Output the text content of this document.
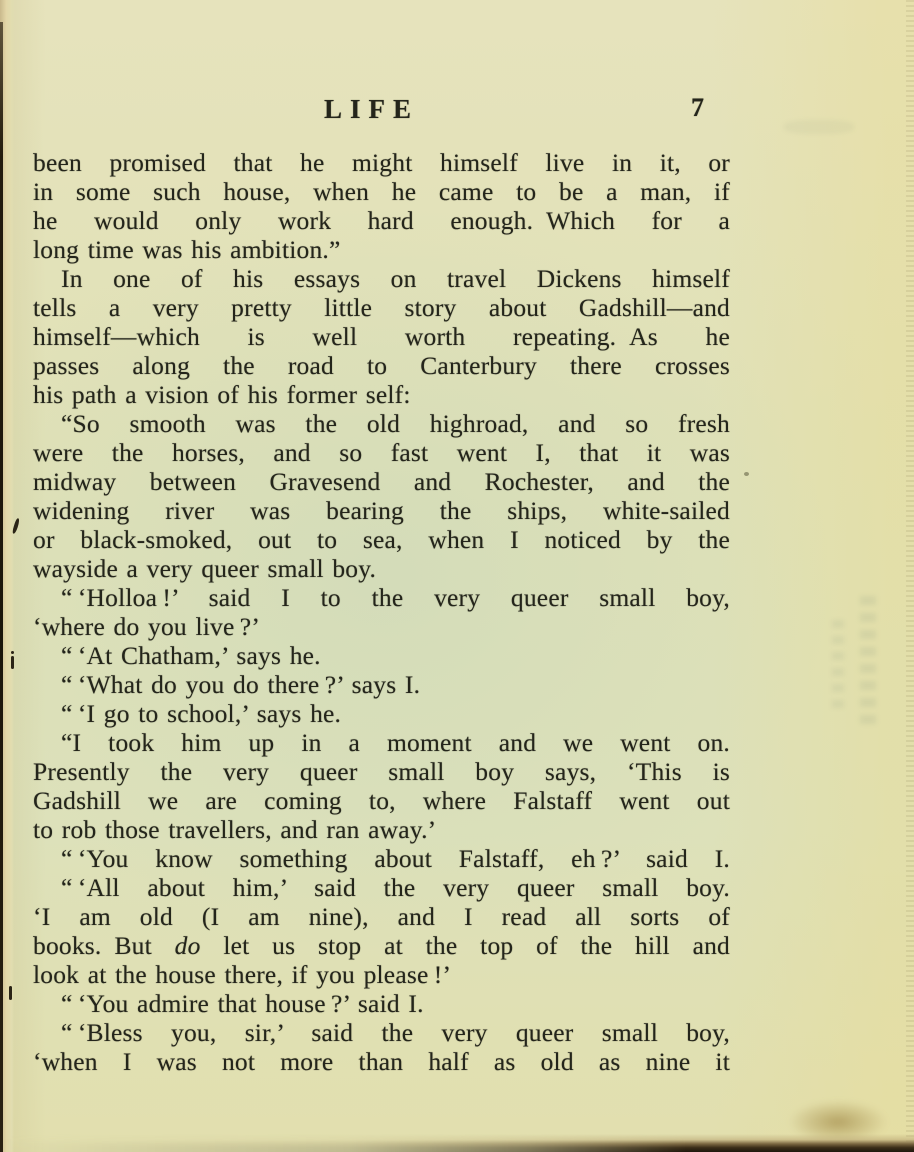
LIFE	7
been promised that he might himself live in it, or
in some such house, when he came to be a man, if
he would only work hard enough. Which for a
long time was his ambition.”
In one of his essays on travel Dickens himself
tells a very pretty little story about Gadshill—and
himself—which is well worth repeating. As he
passes along the road to Canterbury there crosses
his path a vision of his former self:
“So smooth was the old highroad, and so fresh
were the horses, and so fast went I, that it was
midway between Gravesend and Rochester, and the
widening river was bearing the ships, white-sailed
or black-smoked, out to sea, when I noticed by the
wayside a very queer small boy.
“ ‘Holloa !’ said I to the very queer small boy,
‘where do you live ?’
“ ‘At Chatham,’ says he.
“ ‘What do you do there ?’ says I.
“ ‘I go to school,’ says he.
“I took him up in a moment and we went on.
Presently the very queer small boy says, ‘This is
Gadshill we are coming to, where Falstaff went out
to rob those travellers, and ran away.’
“ ‘You know something about Falstaff, eh ?’ said I.
“ ‘All about him,’ said the very queer small boy.
‘I am old (I am nine), and I read all sorts of
books. But do let us stop at the top of the hill and
look at the house there, if you please !’
“ ‘You admire that house ?’ said I.
“ ‘Bless you, sir,’ said the very queer small boy,
‘when I was not more than half as old as nine it
